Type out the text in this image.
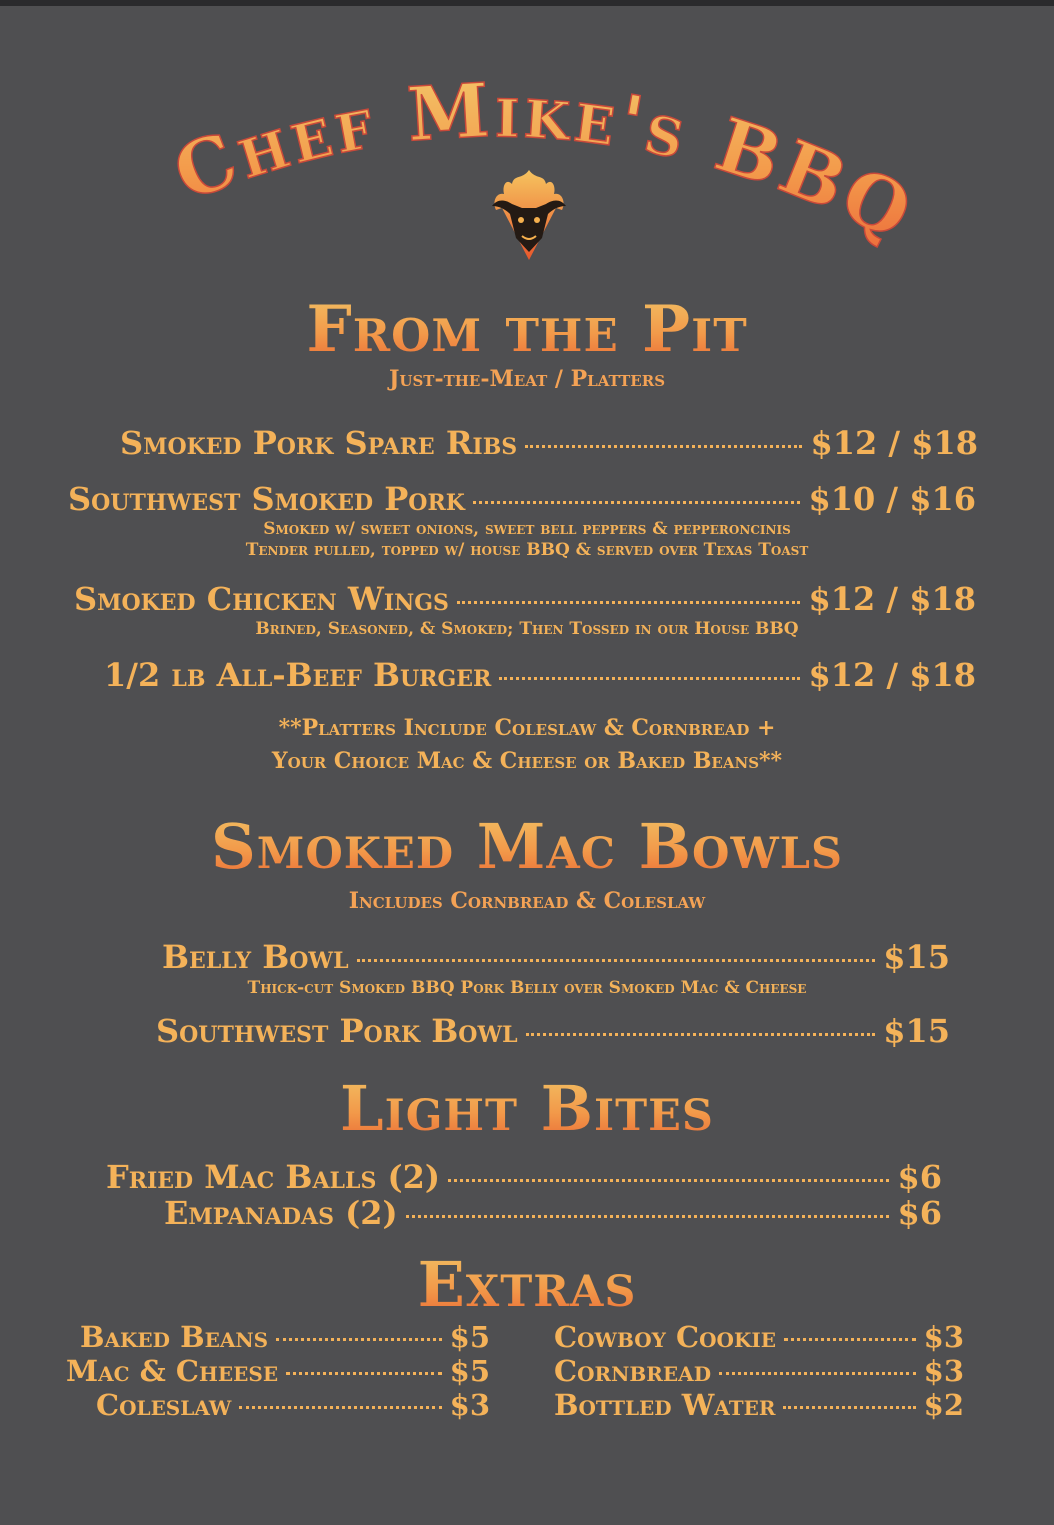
Chef Mike's BBQ
From the Pit
Just-the-Meat / Platters
Smoked Pork Spare Ribs	$12 / $18
Southwest Smoked Pork	$10 / $16
Smoked w/ sweet onions, sweet bell peppers & pepperoncinis
Tender pulled, topped w/ house BBQ & served over Texas Toast
Smoked Chicken Wings	$12 / $18
Brined, Seasoned, & Smoked; Then Tossed in our House BBQ
1/2 lb All-Beef Burger	$12 / $18
**Platters Include Coleslaw & Cornbread +
Your Choice Mac & Cheese or Baked Beans**
Smoked Mac Bowls
Includes Cornbread & Coleslaw
Belly Bowl	$15
Thick-cut Smoked BBQ Pork Belly over Smoked Mac & Cheese
Southwest Pork Bowl	$15
Light Bites
Fried Mac Balls (2)	$6
Empanadas (2)	$6
Extras
Baked Beans	$5
Mac & Cheese	$5
Coleslaw	$3
Cowboy Cookie	$3
Cornbread	$3
Bottled Water	$2
